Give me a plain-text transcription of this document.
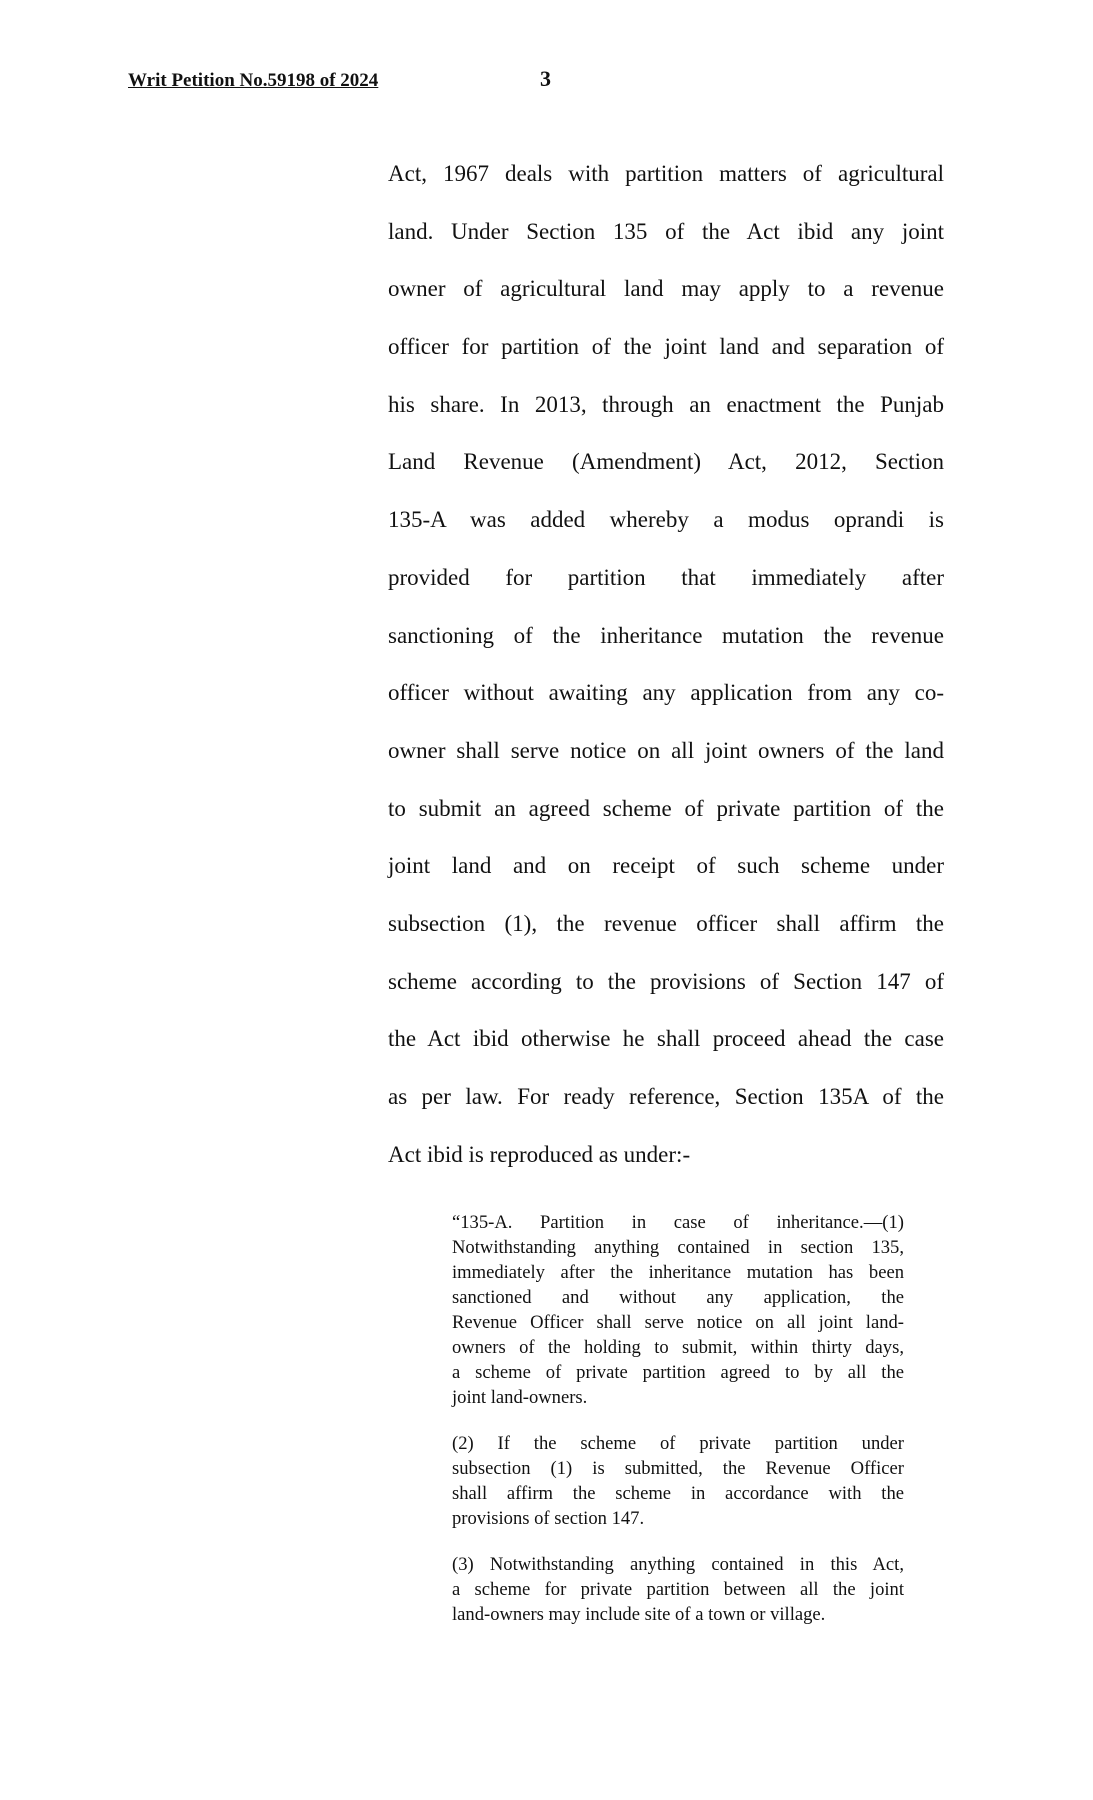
Writ Petition No.59198 of 2024	3
Act, 1967 deals with partition matters of agricultural
land. Under Section 135 of the Act ibid any joint
owner of agricultural land may apply to a revenue
officer for partition of the joint land and separation of
his share. In 2013, through an enactment the Punjab
Land Revenue (Amendment) Act, 2012, Section
135-A was added whereby a modus oprandi is
provided for partition that immediately after
sanctioning of the inheritance mutation the revenue
officer without awaiting any application from any co-
owner shall serve notice on all joint owners of the land
to submit an agreed scheme of private partition of the
joint land and on receipt of such scheme under
subsection (1), the revenue officer shall affirm the
scheme according to the provisions of Section 147 of
the Act ibid otherwise he shall proceed ahead the case
as per law. For ready reference, Section 135A of the
Act ibid is reproduced as under:-
“135-A. Partition in case of inheritance.—(1)
Notwithstanding anything contained in section 135,
immediately after the inheritance mutation has been
sanctioned and without any application, the
Revenue Officer shall serve notice on all joint land-
owners of the holding to submit, within thirty days,
a scheme of private partition agreed to by all the
joint land-owners.
(2) If the scheme of private partition under
subsection (1) is submitted, the Revenue Officer
shall affirm the scheme in accordance with the
provisions of section 147.
(3) Notwithstanding anything contained in this Act,
a scheme for private partition between all the joint
land-owners may include site of a town or village.
